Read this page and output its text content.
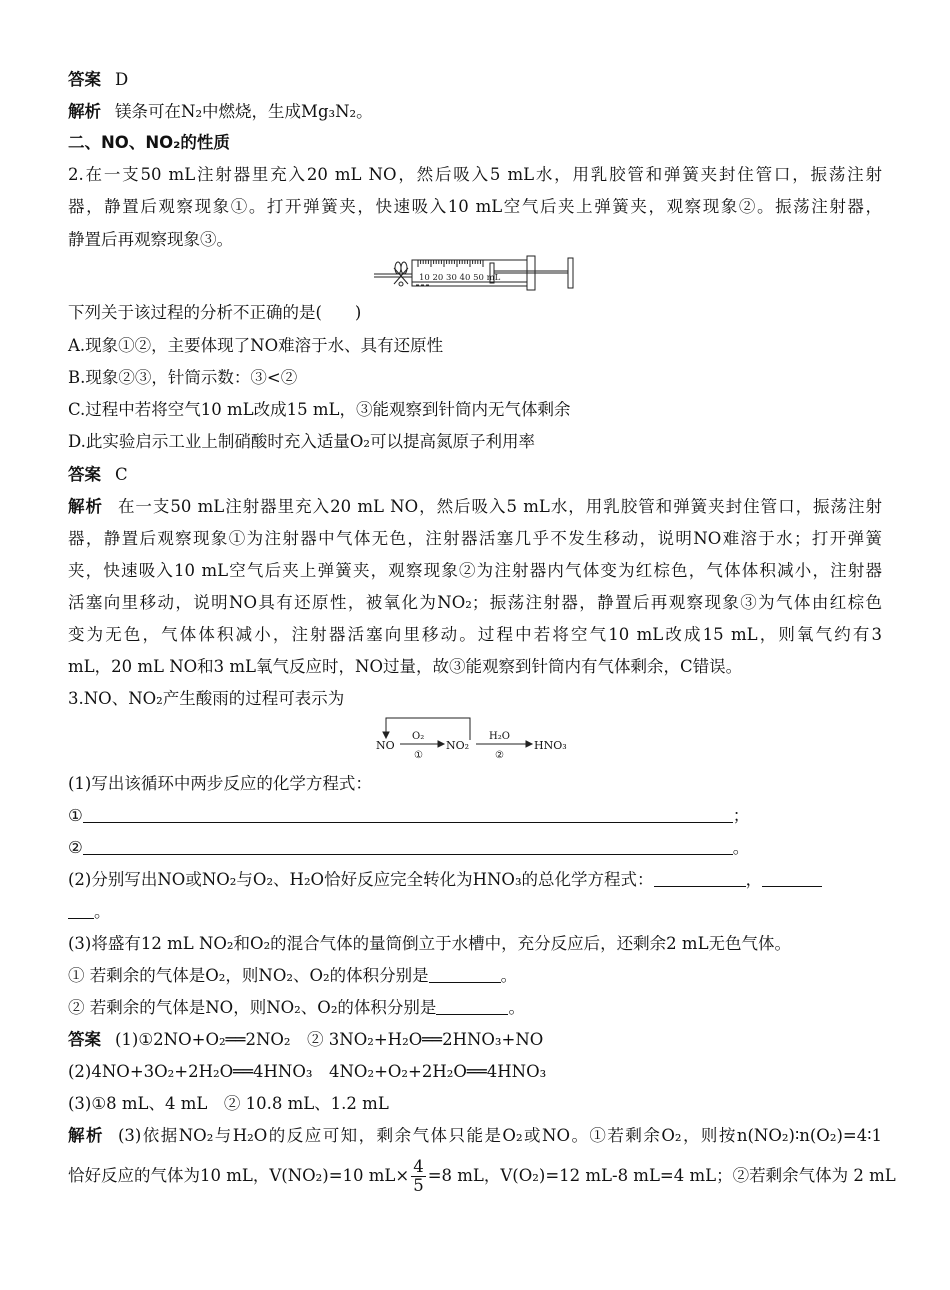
答案 D
解析 镁条可在N₂中燃烧，生成Mg₃N₂。
二、NO、NO₂的性质
2.在一支50 mL注射器里充入20 mL NO，然后吸入5 mL水，用乳胶管和弹簧夹封住管口，振荡注射
器，静置后观察现象①。打开弹簧夹，快速吸入10 mL空气后夹上弹簧夹，观察现象②。振荡注射器，
静置后再观察现象③。
10 20 30 40 50 mL
下列关于该过程的分析不正确的是(　　)
A.现象①②，主要体现了NO难溶于水、具有还原性
B.现象②③，针筒示数：③<②
C.过程中若将空气10 mL改成15 mL，③能观察到针筒内无气体剩余
D.此实验启示工业上制硝酸时充入适量O₂可以提高氮原子利用率
答案 C
解析 在一支50 mL注射器里充入20 mL NO，然后吸入5 mL水，用乳胶管和弹簧夹封住管口，振荡注射
器，静置后观察现象①为注射器中气体无色，注射器活塞几乎不发生移动，说明NO难溶于水；打开弹簧
夹，快速吸入10 mL空气后夹上弹簧夹，观察现象②为注射器内气体变为红棕色，气体体积减小，注射器
活塞向里移动，说明NO具有还原性，被氧化为NO₂；振荡注射器，静置后再观察现象③为气体由红棕色
变为无色，气体体积减小，注射器活塞向里移动。过程中若将空气10 mL改成15 mL，则氧气约有3
mL，20 mL NO和3 mL氧气反应时，NO过量，故③能观察到针筒内有气体剩余，C错误。
3.NO、NO₂产生酸雨的过程可表示为
NO
O₂
①
NO₂
H₂O
②
HNO₃
(1)写出该循环中两步反应的化学方程式：
①	；
②	。
(2)分别写出NO或NO₂与O₂、H₂O恰好反应完全转化为HNO₃的总化学方程式：	，
。
(3)将盛有12 mL NO₂和O₂的混合气体的量筒倒立于水槽中，充分反应后，还剩余2 mL无色气体。
① 若剩余的气体是O₂，则NO₂、O₂的体积分别是	。
② 若剩余的气体是NO，则NO₂、O₂的体积分别是	。
答案 (1)①2NO+O₂══2NO₂　② 3NO₂+H₂O══2HNO₃+NO
(2)4NO+3O₂+2H₂O══4HNO₃　4NO₂+O₂+2H₂O══4HNO₃
(3)①8 mL、4 mL　② 10.8 mL、1.2 mL
解析 (3)依据NO₂与H₂O的反应可知，剩余气体只能是O₂或NO。①若剩余O₂，则按n(NO₂)∶n(O₂)=4∶1
恰好反应的气体为10 mL，V(NO₂)=10 $mL\times \frac{4}{5} =8$ mL，V(O₂)=12 mL-8 mL=4 mL；②若剩余气体为 2 mL
